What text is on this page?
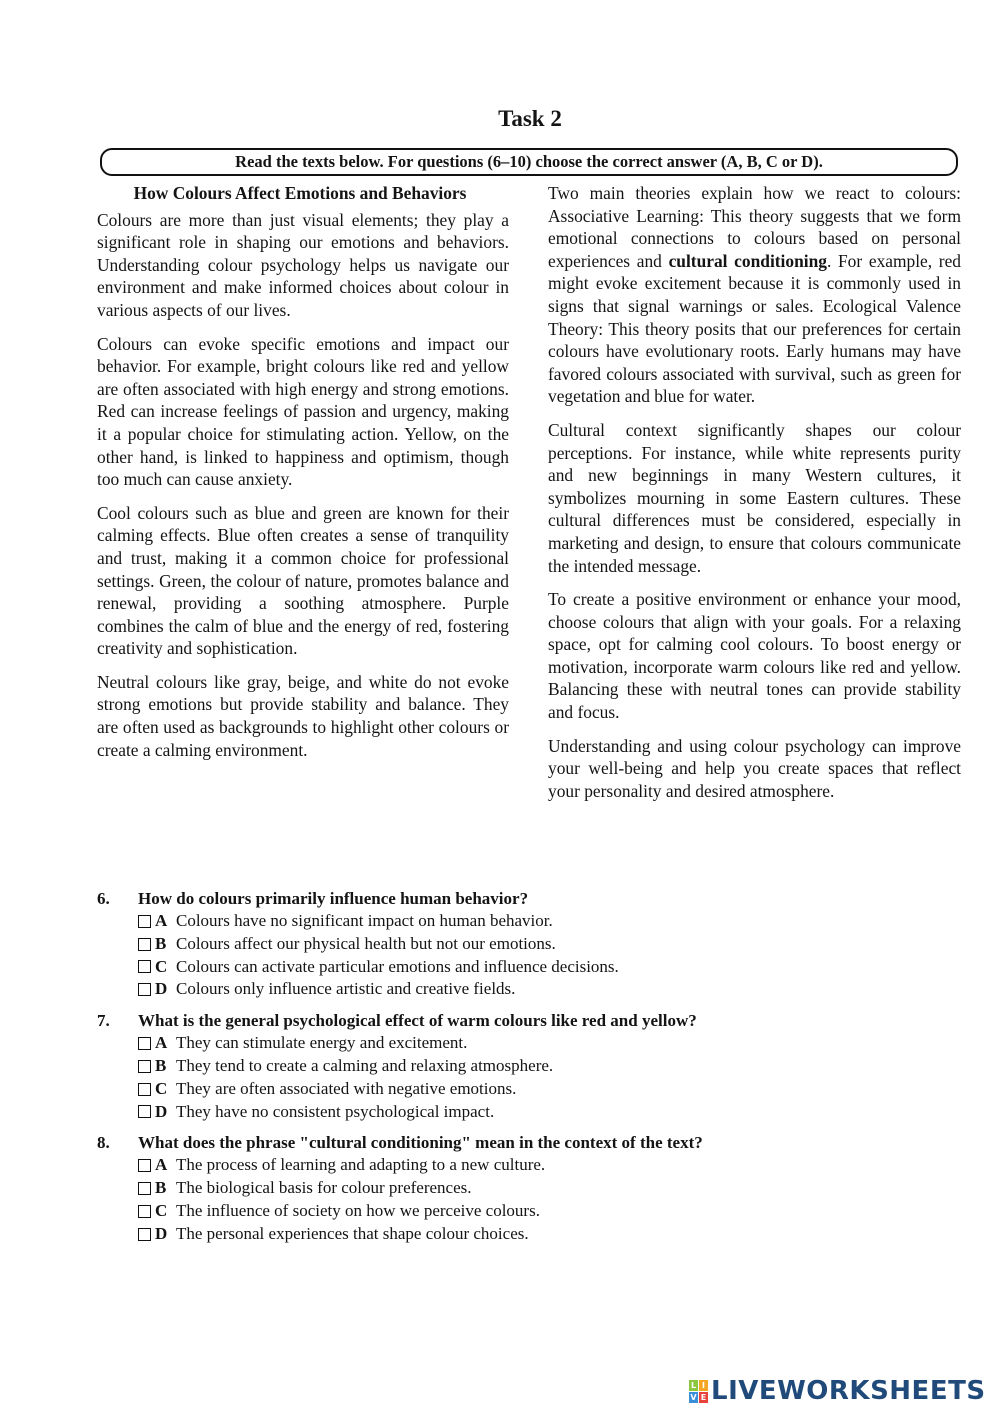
Task 2
Read the texts below. For questions (6–10) choose the correct answer (A, B, C or D).
How Colours Affect Emotions and Behaviors

Colours are more than just visual elements; they play a significant role in shaping our emotions and behaviors. Understanding colour psychology helps us navigate our environment and make informed choices about colour in various aspects of our lives.

Colours can evoke specific emotions and impact our behavior. For example, bright colours like red and yellow are often associated with high energy and strong emotions. Red can increase feelings of passion and urgency, making it a popular choice for stimulating action. Yellow, on the other hand, is linked to happiness and optimism, though too much can cause anxiety.

Cool colours such as blue and green are known for their calming effects. Blue often creates a sense of tranquility and trust, making it a common choice for professional settings. Green, the colour of nature, promotes balance and renewal, providing a soothing atmosphere. Purple combines the calm of blue and the energy of red, fostering creativity and sophistication.

Neutral colours like gray, beige, and white do not evoke strong emotions but provide stability and balance. They are often used as backgrounds to highlight other colours or create a calming environment.

Two main theories explain how we react to colours: Associative Learning: This theory suggests that we form emotional connections to colours based on personal experiences and cultural conditioning. For example, red might evoke excitement because it is commonly used in signs that signal warnings or sales. Ecological Valence Theory: This theory posits that our preferences for certain colours have evolutionary roots. Early humans may have favored colours associated with survival, such as green for vegetation and blue for water.

Cultural context significantly shapes our colour perceptions. For instance, while white represents purity and new beginnings in many Western cultures, it symbolizes mourning in some Eastern cultures. These cultural differences must be considered, especially in marketing and design, to ensure that colours communicate the intended message.

To create a positive environment or enhance your mood, choose colours that align with your goals. For a relaxing space, opt for calming cool colours. To boost energy or motivation, incorporate warm colours like red and yellow. Balancing these with neutral tones can provide stability and focus.

Understanding and using colour psychology can improve your well-being and help you create spaces that reflect your personality and desired atmosphere.

6.	How do colours primarily influence human behavior?
A Colours have no significant impact on human behavior.
B Colours affect our physical health but not our emotions.
C Colours can activate particular emotions and influence decisions.
D Colours only influence artistic and creative fields.
7.	What is the general psychological effect of warm colours like red and yellow?
A They can stimulate energy and excitement.
B They tend to create a calming and relaxing atmosphere.
C They are often associated with negative emotions.
D They have no consistent psychological impact.
8.	What does the phrase "cultural conditioning" mean in the context of the text?
A The process of learning and adapting to a new culture.
B The biological basis for colour preferences.
C The influence of society on how we perceive colours.
D The personal experiences that shape colour choices.
L I
V E LIVEWORKSHEETS
